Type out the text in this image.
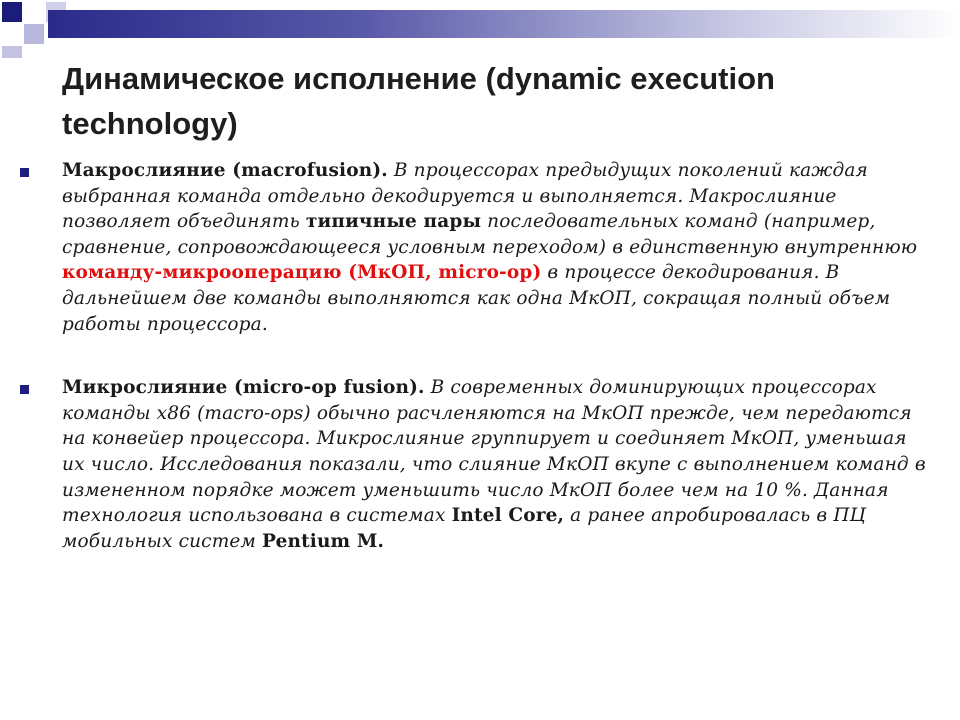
Динамическое исполнение (dynamic execution technology)
Макрослияние (macrofusion). В процессорах предыдущих поколений каждая выбранная команда отдельно декодируется и выполняется. Макрослияние позволяет объединять типичные пары последовательных команд (например, сравнение, сопровождающееся условным переходом) в единственную внутреннюю команду-микрооперацию (МкОП, micro-op) в процессе декодирования. В дальнейшем две команды выполняются как одна МкОП, сокращая полный объем работы процессора.
Микрослияние (micro-op fusion). В современных доминирующих процессорах команды x86 (macro-ops) обычно расчленяются на МкОП прежде, чем передаются на конвейер процессора. Микрослияние группирует и соединяет МкОП, уменьшая их число. Исследования показали, что слияние МкОП вкупе с выполнением команд в измененном порядке может уменьшить число МкОП более чем на 10 %. Данная технология использована в системах Intel Core, а ранее апробировалась в ПЦ мобильных систем Pentium M.
